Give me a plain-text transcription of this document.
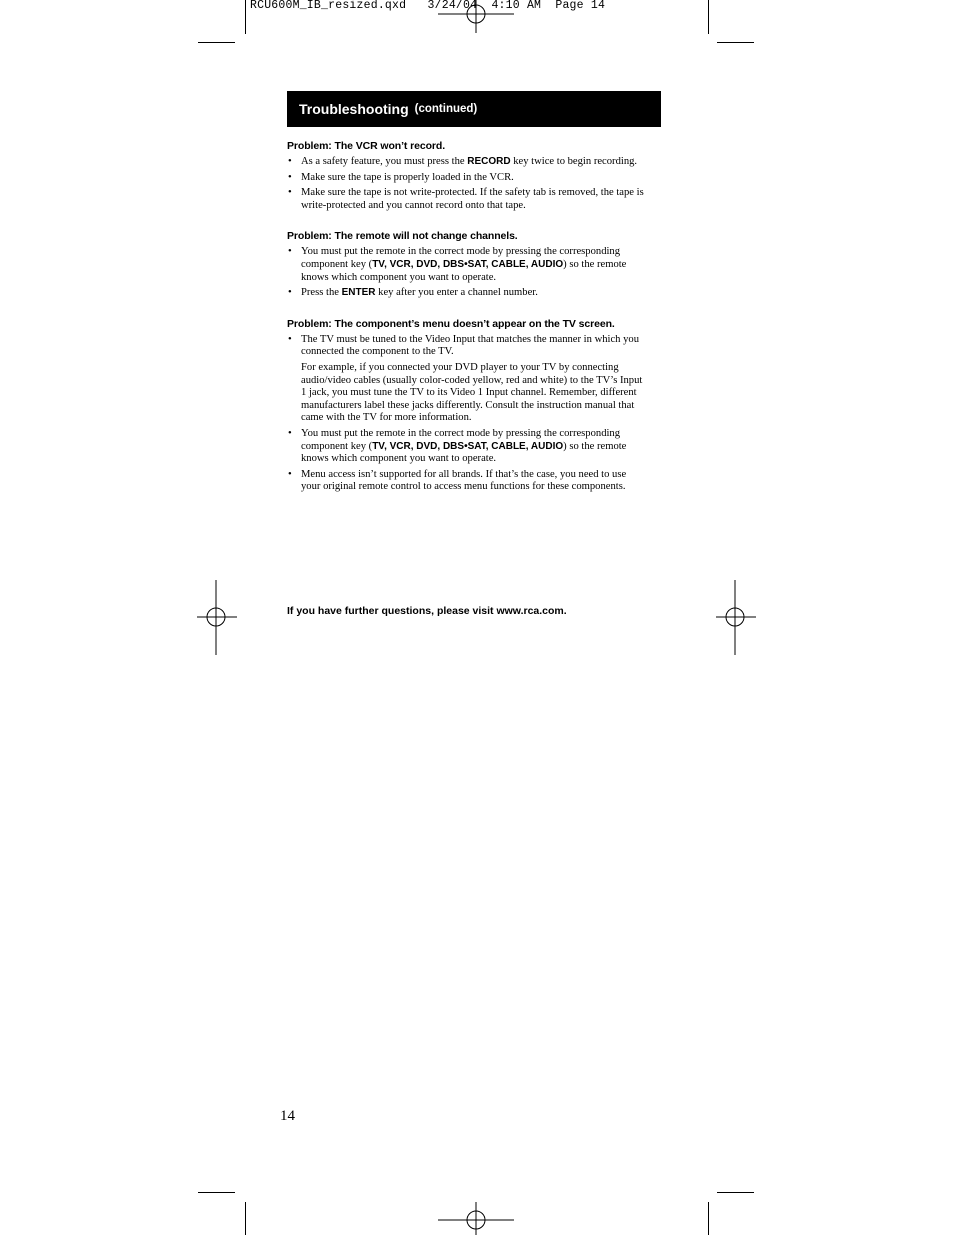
RCU600M_IB_resized.qxd   3/24/04  4:10 AM  Page 14
Troubleshooting (continued)
Problem: The VCR won’t record.

• As a safety feature, you must press the RECORD key twice to begin recording.

• Make sure the tape is properly loaded in the VCR.

• Make sure the tape is not write-protected. If the safety tab is removed, the tape is write-protected and you cannot record onto that tape.

Problem: The remote will not change channels.

• You must put the remote in the correct mode by pressing the corresponding component key (TV, VCR, DVD, DBS•SAT, CABLE, AUDIO) so the remote knows which component you want to operate.

• Press the ENTER key after you enter a channel number.

Problem: The component’s menu doesn’t appear on the TV screen.

• The TV must be tuned to the Video Input that matches the manner in which you connected the component to the TV.

For example, if you connected your DVD player to your TV by connecting audio/video cables (usually color-coded yellow, red and white) to the TV’s Input 1 jack, you must tune the TV to its Video 1 Input channel. Remember, different manufacturers label these jacks differently. Consult the instruction manual that came with the TV for more information.

• You must put the remote in the correct mode by pressing the corresponding component key (TV, VCR, DVD, DBS•SAT, CABLE, AUDIO) so the remote knows which component you want to operate.

• Menu access isn’t supported for all brands. If that’s the case, you need to use your original remote control to access menu functions for these components.

If you have further questions, please visit www.rca.com.
14
